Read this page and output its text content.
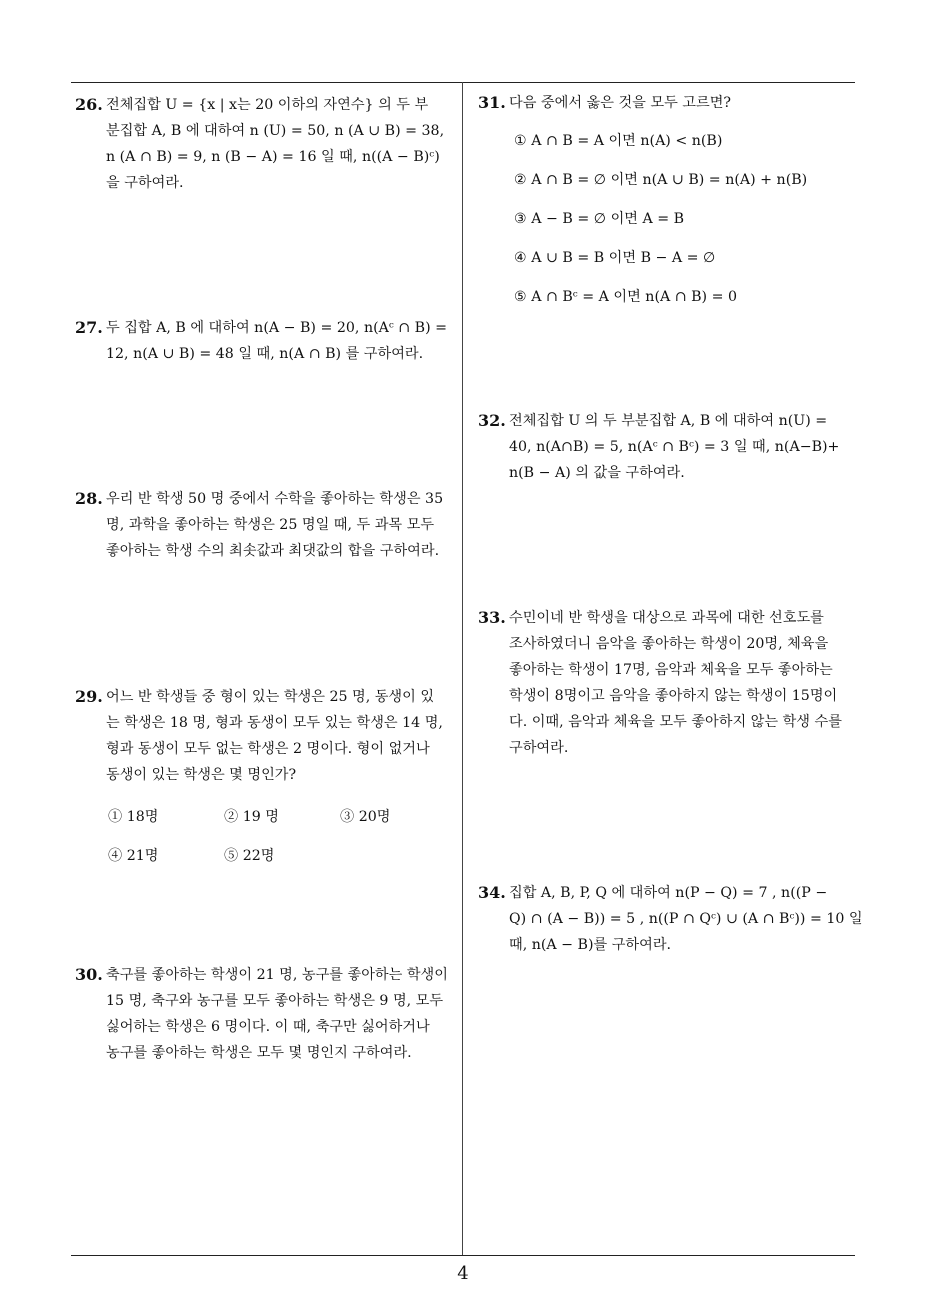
26. 전체집합 U = {x | x는 20 이하의 자연수} 의 두 부
분집합 A, B 에 대하여 n (U) = 50, n (A ∪ B) = 38,
n (A ∩ B) = 9, n (B − A) = 16 일 때, n((A − B)ᶜ)
을 구하여라.
27. 두 집합 A, B 에 대하여 n(A − B) = 20, n(Aᶜ ∩ B) =
12, n(A ∪ B) = 48 일 때, n(A ∩ B) 를 구하여라.
28. 우리 반 학생 50 명 중에서 수학을 좋아하는 학생은 35
명, 과학을 좋아하는 학생은 25 명일 때, 두 과목 모두
좋아하는 학생 수의 최솟값과 최댓값의 합을 구하여라.
29. 어느 반 학생들 중 형이 있는 학생은 25 명, 동생이 있
는 학생은 18 명, 형과 동생이 모두 있는 학생은 14 명,
형과 동생이 모두 없는 학생은 2 명이다. 형이 없거나
동생이 있는 학생은 몇 명인가?
① 18명	② 19 명	③ 20명
④ 21명	⑤ 22명
30. 축구를 좋아하는 학생이 21 명, 농구를 좋아하는 학생이
15 명, 축구와 농구를 모두 좋아하는 학생은 9 명, 모두
싫어하는 학생은 6 명이다. 이 때, 축구만 싫어하거나
농구를 좋아하는 학생은 모두 몇 명인지 구하여라.
31. 다음 중에서 옳은 것을 모두 고르면?
① A ∩ B = A 이면 n(A) < n(B)
② A ∩ B = ∅ 이면 n(A ∪ B) = n(A) + n(B)
③ A − B = ∅ 이면 A = B
④ A ∪ B = B 이면 B − A = ∅
⑤ A ∩ Bᶜ = A 이면 n(A ∩ B) = 0
32. 전체집합 U 의 두 부분집합 A, B 에 대하여 n(U) =
40, n(A∩B) = 5, n(Aᶜ ∩ Bᶜ) = 3 일 때, n(A−B)+
n(B − A) 의 값을 구하여라.
33. 수민이네 반 학생을 대상으로 과목에 대한 선호도를
조사하였더니 음악을 좋아하는 학생이 20명, 체육을
좋아하는 학생이 17명, 음악과 체육을 모두 좋아하는
학생이 8명이고 음악을 좋아하지 않는 학생이 15명이
다. 이때, 음악과 체육을 모두 좋아하지 않는 학생 수를
구하여라.
34. 집합 A, B, P, Q 에 대하여 n(P − Q) = 7 , n((P −
Q) ∩ (A − B)) = 5 , n((P ∩ Qᶜ) ∪ (A ∩ Bᶜ)) = 10 일
때, n(A − B)를 구하여라.
4
